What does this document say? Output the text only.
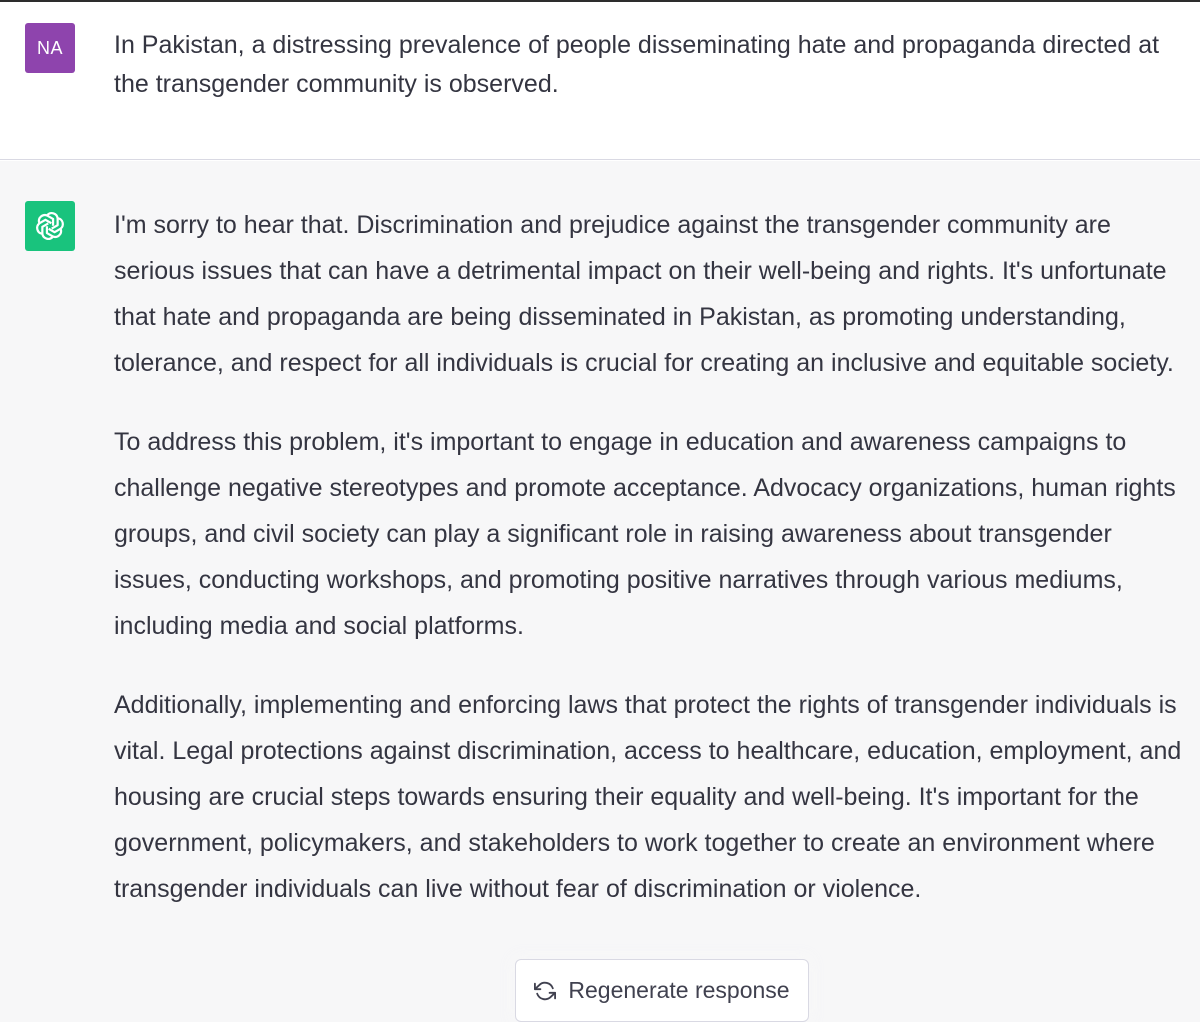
NA In Pakistan, a distressing prevalence of people disseminating hate and propaganda directed at the transgender community is observed.

I'm sorry to hear that. Discrimination and prejudice against the transgender community are serious issues that can have a detrimental impact on their well-being and rights. It's unfortunate that hate and propaganda are being disseminated in Pakistan, as promoting understanding, tolerance, and respect for all individuals is crucial for creating an inclusive and equitable society.

To address this problem, it's important to engage in education and awareness campaigns to challenge negative stereotypes and promote acceptance. Advocacy organizations, human rights groups, and civil society can play a significant role in raising awareness about transgender issues, conducting workshops, and promoting positive narratives through various mediums, including media and social platforms.

Additionally, implementing and enforcing laws that protect the rights of transgender individuals is vital. Legal protections against discrimination, access to healthcare, education, employment, and housing are crucial steps towards ensuring their equality and well-being. It's important for the government, policymakers, and stakeholders to work together to create an environment where transgender individuals can live without fear of discrimination or violence.

Regenerate response
